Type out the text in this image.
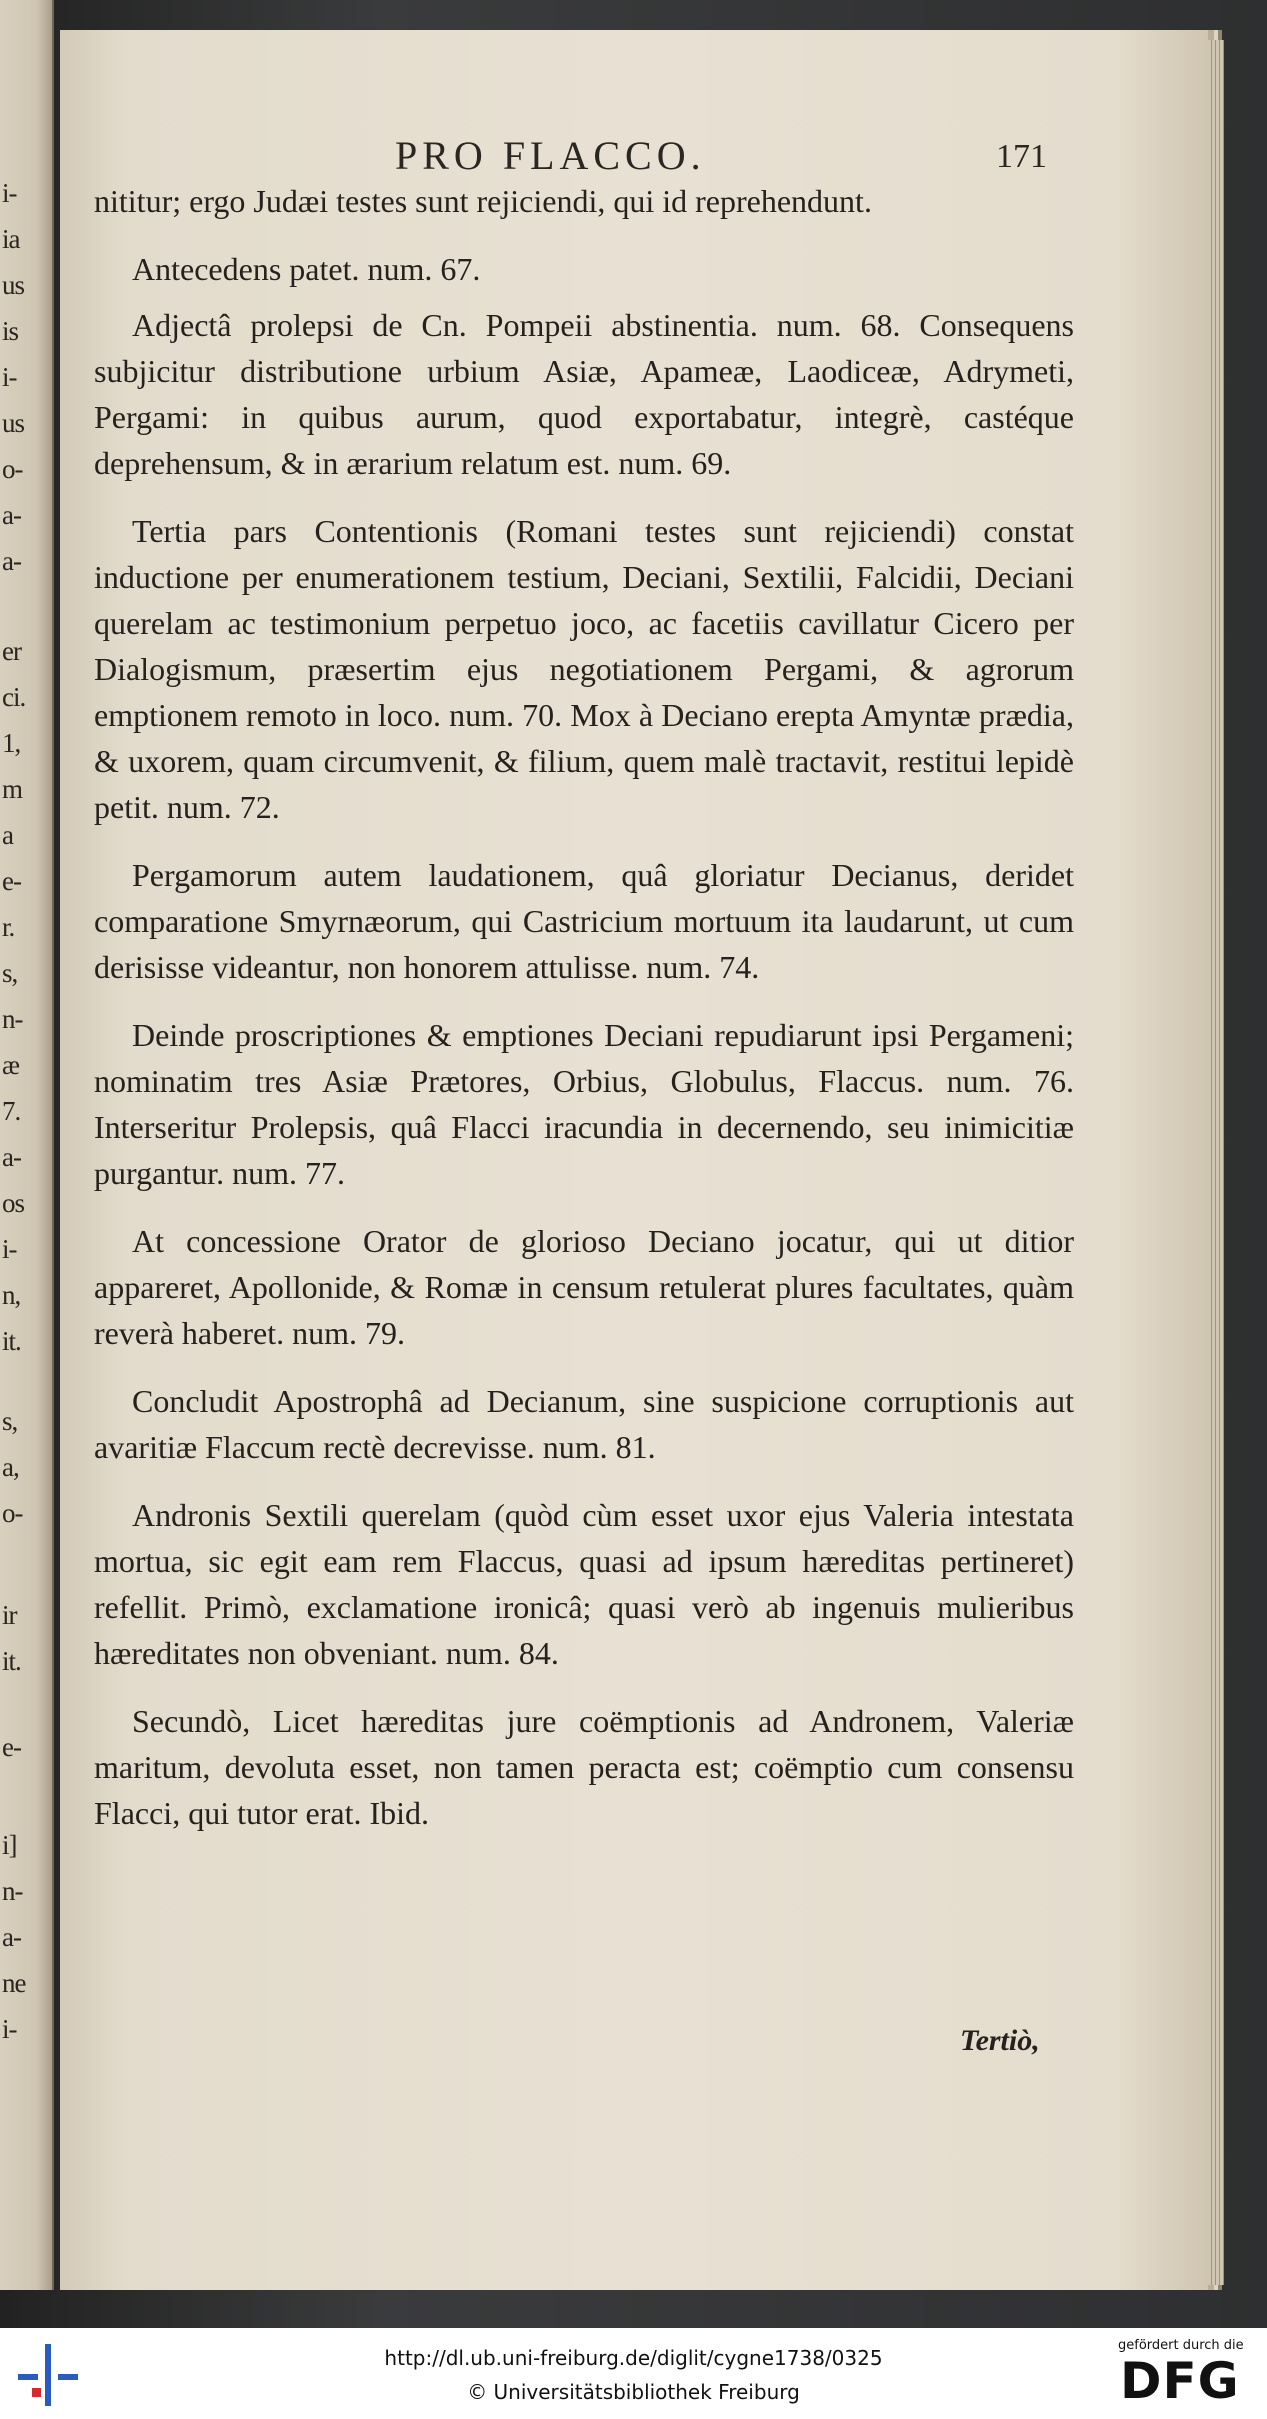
i-
ia
us
is
i-
us
o-
a-
a-
er
ci.
1,
m
a
e-
r.
s,
n-
æ
7.
a-
os
i-
n,
it.
s,
a,
o-
ir
it.
e-
i]
n-
a-
ne
i-
PRO FLACCO.	171

nititur; ergo Judæi testes sunt rejiciendi, qui id reprehendunt.

Antecedens patet. num. 67.

Adjectâ prolepsi de Cn. Pompeii abstinentia. num. 68. Consequens subjicitur distributione urbium Asiæ, Apameæ, Laodiceæ, Adrymeti, Pergami: in quibus aurum, quod exportabatur, integrè, castéque deprehensum, & in ærarium relatum est. num. 69.

Tertia pars Contentionis (Romani testes sunt rejiciendi) constat inductione per enumerationem testium, Deciani, Sextilii, Falcidii, Deciani querelam ac testimonium perpetuo joco, ac facetiis cavillatur Cicero per Dialogismum, præsertim ejus negotiationem Pergami, & agrorum emptionem remoto in loco. num. 70. Mox à Deciano erepta Amyntæ prædia, & uxorem, quam circumvenit, & filium, quem malè tractavit, restitui lepidè petit. num. 72.

Pergamorum autem laudationem, quâ gloriatur Decianus, deridet comparatione Smyrnæorum, qui Castricium mortuum ita laudarunt, ut cum derisisse videantur, non honorem attulisse. num. 74.

Deinde proscriptiones & emptiones Deciani repudiarunt ipsi Pergameni; nominatim tres Asiæ Prætores, Orbius, Globulus, Flaccus. num. 76. Interseritur Prolepsis, quâ Flacci iracundia in decernendo, seu inimicitiæ purgantur. num. 77.

At concessione Orator de glorioso Deciano jocatur, qui ut ditior appareret, Apollonide, & Romæ in censum retulerat plures facultates, quàm reverà haberet. num. 79.

Concludit Apostrophâ ad Decianum, sine suspicione corruptionis aut avaritiæ Flaccum rectè decrevisse. num. 81.

Andronis Sextili querelam (quòd cùm esset uxor ejus Valeria intestata mortua, sic egit eam rem Flaccus, quasi ad ipsum hæreditas pertineret) refellit. Primò, exclamatione ironicâ; quasi verò ab ingenuis mulieribus hæreditates non obveniant. num. 84.

Secundò, Licet hæreditas jure coëmptionis ad Andronem, Valeriæ maritum, devoluta esset, non tamen peracta est; coëmptio cum consensu Flacci, qui tutor erat. Ibid.

Tertiò,
http://dl.ub.uni-freiburg.de/diglit/cygne1738/0325
© Universitätsbibliothek Freiburg
gefördert durch die
DFG
